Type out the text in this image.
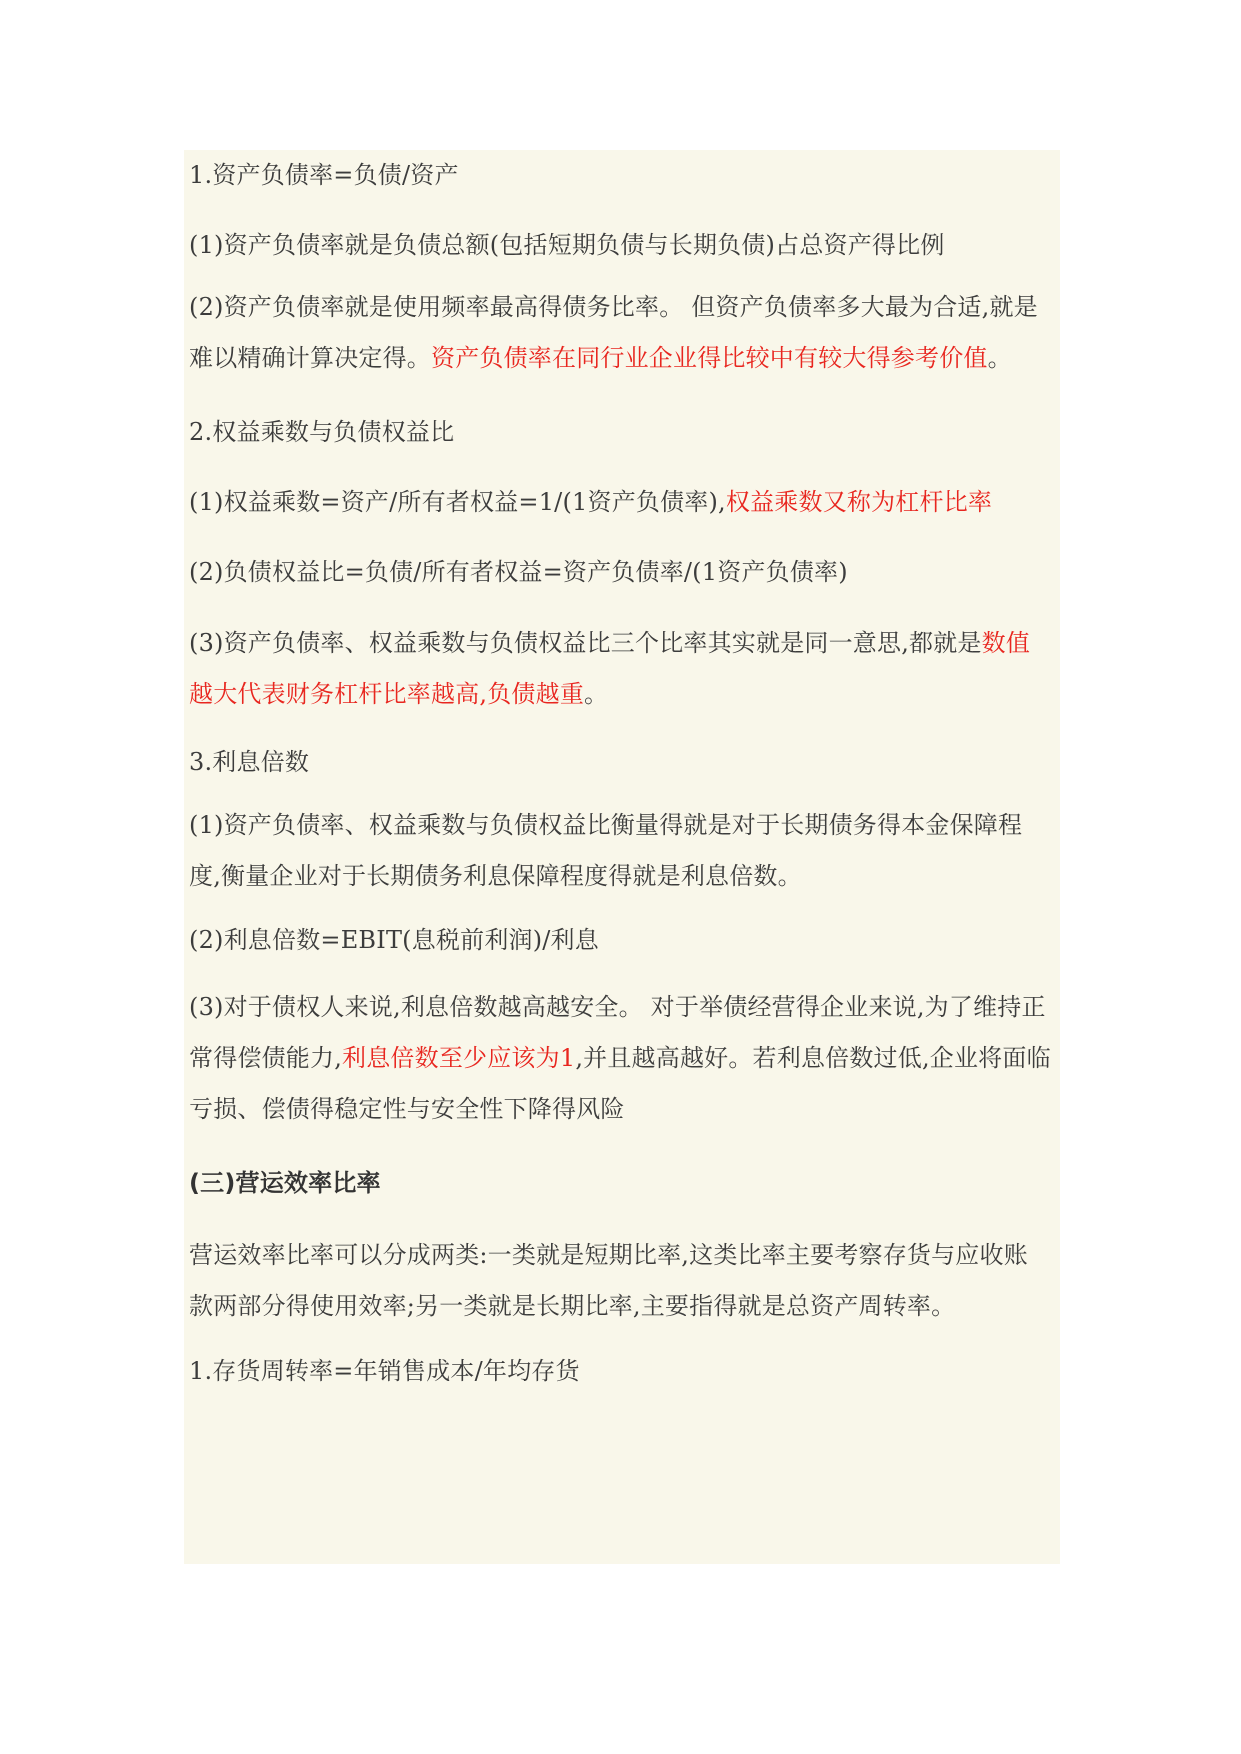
1.资产负债率=负债/资产

(1)资产负债率就是负债总额(包括短期负债与长期负债)占总资产得比例

(2)资产负债率就是使用频率最高得债务比率。 但资产负债率多大最为合适,就是难以精确计算决定得。资产负债率在同行业企业得比较中有较大得参考价值。

2.权益乘数与负债权益比

(1)权益乘数=资产/所有者权益=1/(1资产负债率),权益乘数又称为杠杆比率

(2)负债权益比=负债/所有者权益=资产负债率/(1资产负债率)

(3)资产负债率、权益乘数与负债权益比三个比率其实就是同一意思,都就是数值越大代表财务杠杆比率越高,负债越重。

3.利息倍数

(1)资产负债率、权益乘数与负债权益比衡量得就是对于长期债务得本金保障程度,衡量企业对于长期债务利息保障程度得就是利息倍数。

(2)利息倍数=EBIT(息税前利润)/利息

(3)对于债权人来说,利息倍数越高越安全。 对于举债经营得企业来说,为了维持正常得偿债能力,利息倍数至少应该为1,并且越高越好。若利息倍数过低,企业将面临亏损、偿债得稳定性与安全性下降得风险

(三)营运效率比率

营运效率比率可以分成两类:一类就是短期比率,这类比率主要考察存货与应收账款两部分得使用效率;另一类就是长期比率,主要指得就是总资产周转率。

1.存货周转率=年销售成本/年均存货
